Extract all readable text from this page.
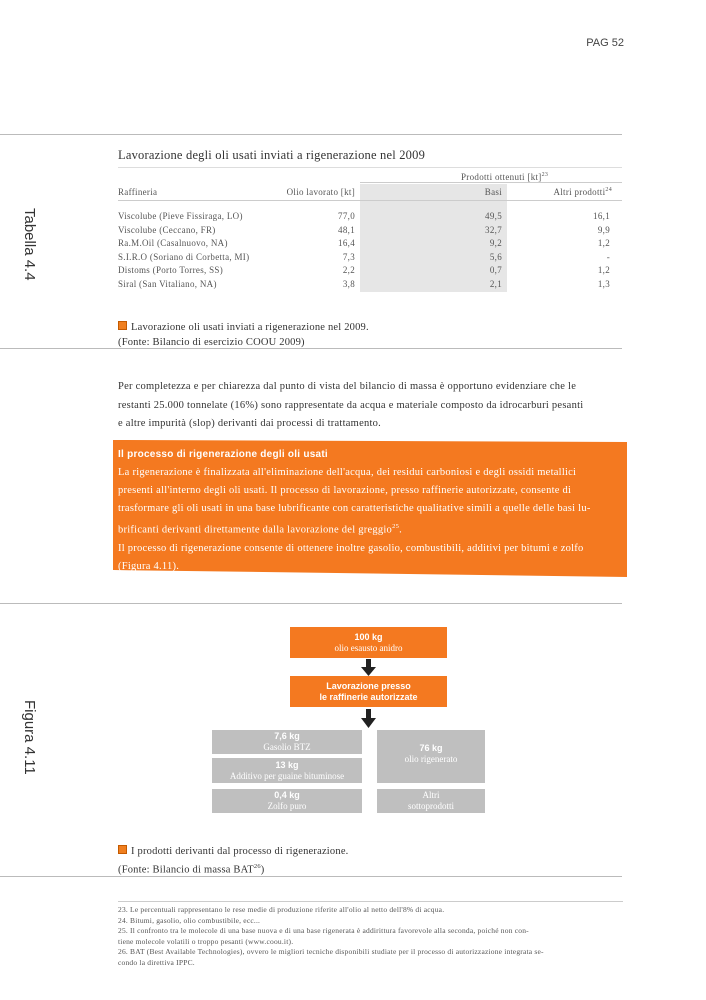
PAG 52
Tabella 4.4
Lavorazione degli oli usati inviati a rigenerazione nel 2009
Prodotti ottenuti [kt]$^{23}$
Raffineria	Olio lavorato [kt]	Basi	Altri prodotti$^{24}$
Viscolube (Pieve Fissiraga, LO)	77,0	49,5	16,1
Viscolube (Ceccano, FR)	48,1	32,7	9,9
Ra.M.Oil (Casalnuovo, NA)	16,4	9,2	1,2
S.I.R.O (Soriano di Corbetta, MI)	7,3	5,6	-
Distoms (Porto Torres, SS)	2,2	0,7	1,2
Siral (San Vitaliano, NA)	3,8	2,1	1,3
Lavorazione oli usati inviati a rigenerazione nel 2009.
(Fonte: Bilancio di esercizio COOU 2009)
Per completezza e per chiarezza dal punto di vista del bilancio di massa è opportuno evidenziare che le
restanti 25.000 tonnelate (16%) sono rappresentate da acqua e materiale composto da idrocarburi pesanti
e altre impurità (slop) derivanti dai processi di trattamento.
Il processo di rigenerazione degli oli usati
La rigenerazione è finalizzata all'eliminazione dell'acqua, dei residui carboniosi e degli ossidi metallici
presenti all'interno degli oli usati. Il processo di lavorazione, presso raffinerie autorizzate, consente di
trasformare gli oli usati in una base lubrificante con caratteristiche qualitative simili a quelle delle basi lu-
brificanti derivanti direttamente dalla lavorazione del greggio$^{25}$.
Il processo di rigenerazione consente di ottenere inoltre gasolio, combustibili, additivi per bitumi e zolfo
(Figura 4.11).
Figura 4.11
100 kg
olio esausto anidro
Lavorazione presso
le raffinerie autorizzate
7,6 kg
Gasolio BTZ
13 kg
Additivo per guaine bituminose
0,4 kg
Zolfo puro
76 kg
olio rigenerato
Altri
sottoprodotti
I prodotti derivanti dal processo di rigenerazione.
(Fonte: Bilancio di massa BAT$^{26}$)
23. Le percentuali rappresentano le rese medie di produzione riferite all'olio al netto dell'8% di acqua.
24. Bitumi, gasolio, olio combustibile, ecc...
25. Il confronto tra le molecole di una base nuova e di una base rigenerata è addirittura favorevole alla seconda, poiché non con-
tiene molecole volatili o troppo pesanti (www.coou.it).
26. BAT (Best Available Technologies), ovvero le migliori tecniche disponibili studiate per il processo di autorizzazione integrata se-
condo la direttiva IPPC.
